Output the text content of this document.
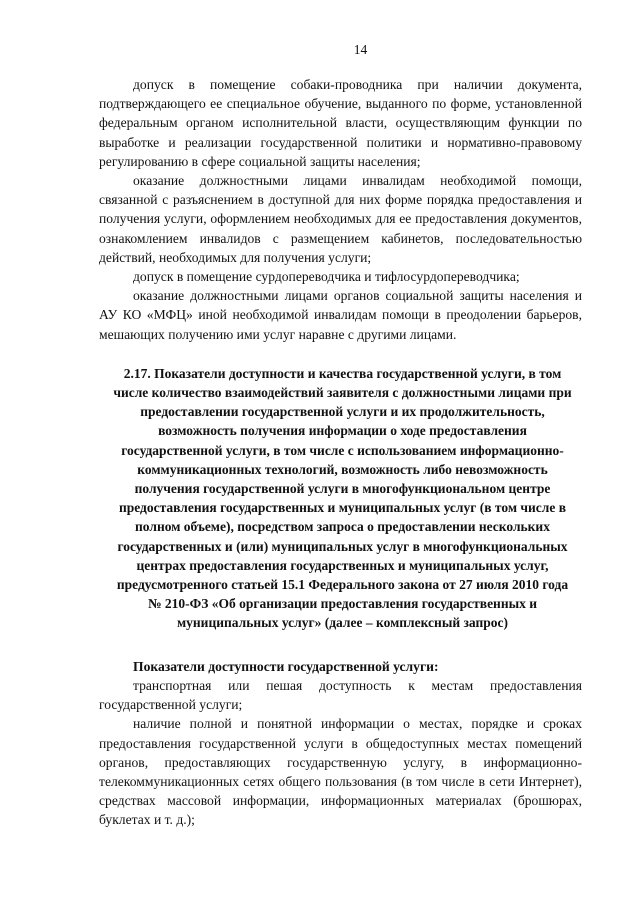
14

допуск в помещение собаки-проводника при наличии документа, подтверждающего ее специальное обучение, выданного по форме, установленной федеральным органом исполнительной власти, осуществляющим функции по выработке и реализации государственной политики и нормативно-правовому регулированию в сфере социальной защиты населения;

оказание должностными лицами инвалидам необходимой помощи, связанной с разъяснением в доступной для них форме порядка предоставления и получения услуги, оформлением необходимых для ее предоставления документов, ознакомлением инвалидов с размещением кабинетов, последовательностью действий, необходимых для получения услуги;

допуск в помещение сурдопереводчика и тифлосурдопереводчика;

оказание должностными лицами органов социальной защиты населения и АУ КО «МФЦ» иной необходимой инвалидам помощи в преодолении барьеров, мешающих получению ими услуг наравне с другими лицами.

2.17. Показатели доступности и качества государственной услуги, в том числе количество взаимодействий заявителя с должностными лицами при предоставлении государственной услуги и их продолжительность, возможность получения информации о ходе предоставления государственной услуги, в том числе с использованием информационно-коммуникационных технологий, возможность либо невозможность получения государственной услуги в многофункциональном центре предоставления государственных и муниципальных услуг (в том числе в полном объеме), посредством запроса о предоставлении нескольких государственных и (или) муниципальных услуг в многофункциональных центрах предоставления государственных и муниципальных услуг, предусмотренного статьей 15.1 Федерального закона от 27 июля 2010 года № 210-ФЗ «Об организации предоставления государственных и муниципальных услуг» (далее – комплексный запрос)
Показатели доступности государственной услуги:

транспортная или пешая доступность к местам предоставления государственной услуги;

наличие полной и понятной информации о местах, порядке и сроках предоставления государственной услуги в общедоступных местах помещений органов, предоставляющих государственную услугу, в информационно-телекоммуникационных сетях общего пользования (в том числе в сети Интернет), средствах массовой информации, информационных материалах (брошюрах, буклетах и т. д.);
